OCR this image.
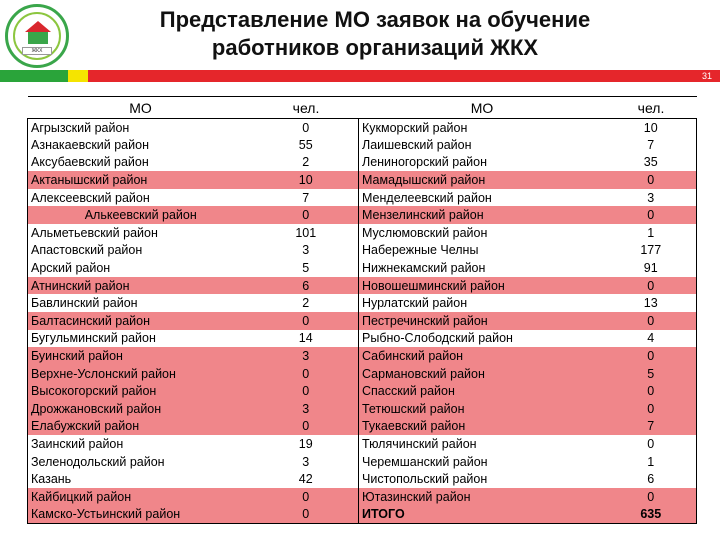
ЖКХ
Представление МО заявок на обучение
работников организаций ЖКХ
31
МО	чел.	МО	чел.
Агрызский район	0	Кукморский район	10
Азнакаевский район	55	Лаишевский район	7
Аксубаевский район	2	Лениногорский район	35
Актанышский район	10	Мамадышский район	0
Алексеевский район	7	Менделеевский район	3
Алькеевский район	0	Мензелинский район	0
Альметьевский район	101	Муслюмовский район	1
Апастовский район	3	Набережные Челны	177
Арский район	5	Нижнекамский район	91
Атнинский район	6	Новошешминский район	0
Бавлинский район	2	Нурлатский район	13
Балтасинский район	0	Пестречинский район	0
Бугульминский район	14	Рыбно-Слободский район	4
Буинский район	3	Сабинский район	0
Верхне-Услонский район	0	Сармановский район	5
Высокогорский район	0	Спасский район	0
Дрожжановский район	3	Тетюшский район	0
Елабужский район	0	Тукаевский район	7
Заинский район	19	Тюлячинский район	0
Зеленодольский район	3	Черемшанский район	1
Казань	42	Чистопольский район	6
Кайбицкий район	0	Ютазинский район	0
Камско-Устьинский район	0	ИТОГО	635
